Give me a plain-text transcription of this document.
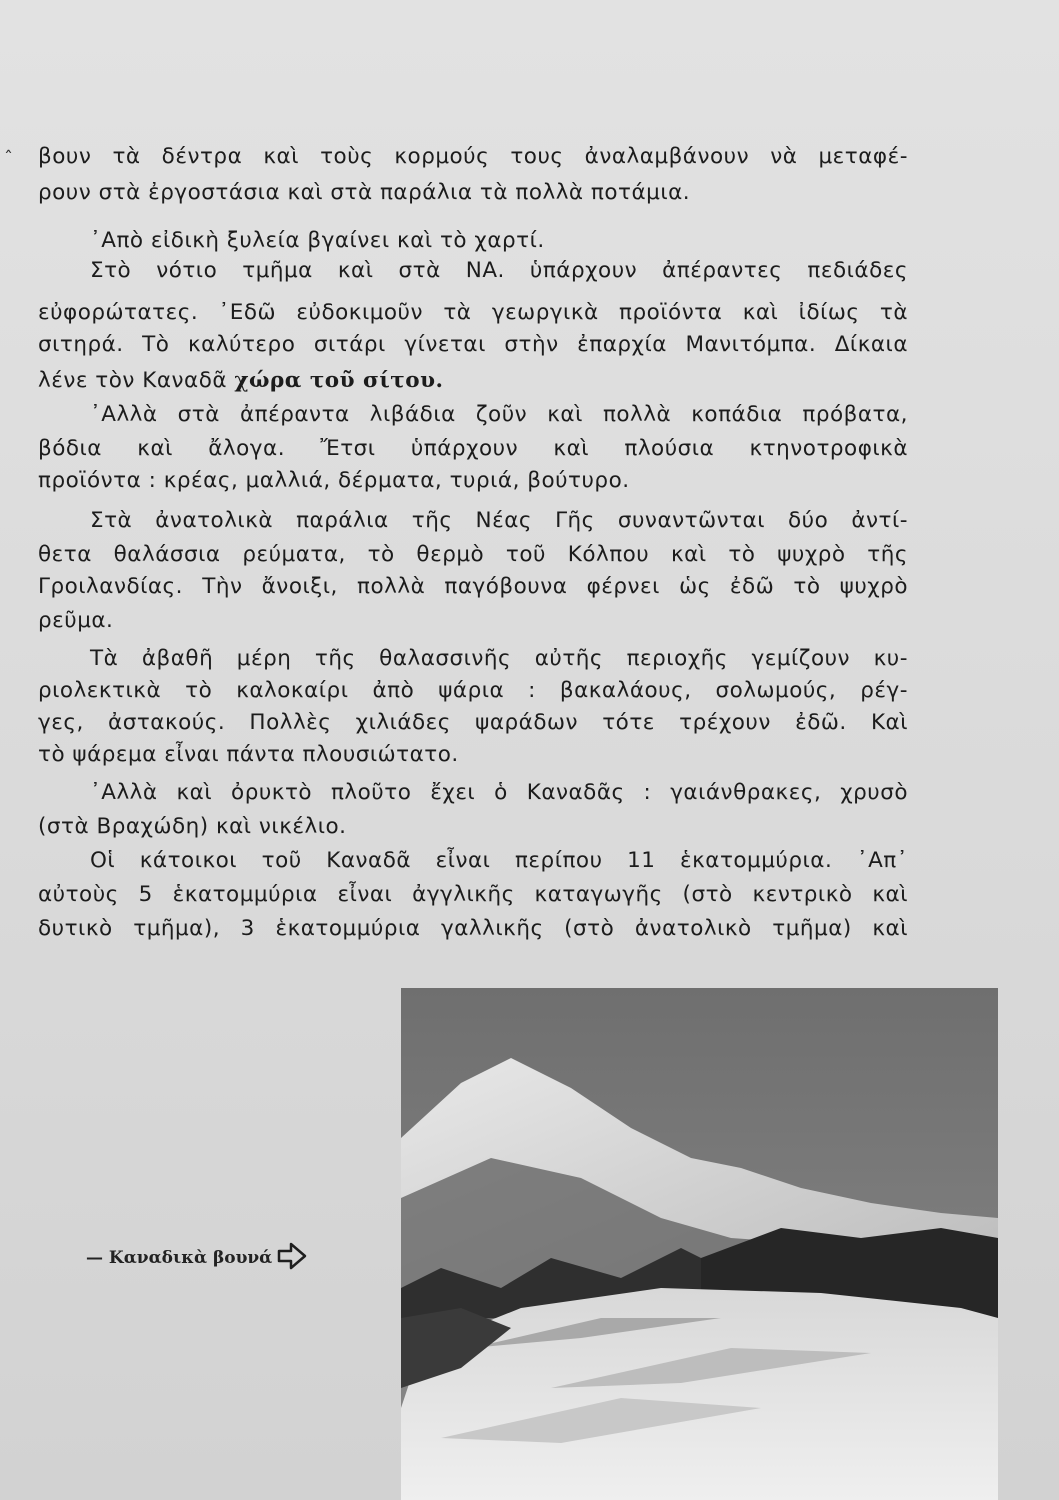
ˆ βουν τὰ δέντρα καὶ τοὺς κορμούς τους ἀναλαμβάνουν νὰ μεταφέ-
ρουν στὰ ἐργοστάσια καὶ στὰ παράλια τὰ πολλὰ ποτάμια.
᾿Απὸ εἰδικὴ ξυλεία βγαίνει καὶ τὸ χαρτί.
Στὸ νότιο τμῆμα καὶ στὰ ΝΑ. ὑπάρχουν ἀπέραντες πεδιάδες
εὐφορώτατες. ᾿Εδῶ εὐδοκιμοῦν τὰ γεωργικὰ προϊόντα καὶ ἰδίως τὰ
σιτηρά. Τὸ καλύτερο σιτάρι γίνεται στὴν ἐπαρχία Μανιτόμπα. Δίκαια
λένε τὸν Καναδᾶ χώρα τοῦ σίτου.
᾿Αλλὰ στὰ ἀπέραντα λιβάδια ζοῦν καὶ πολλὰ κοπάδια πρόβατα,
βόδια καὶ ἄλογα. Ἔτσι ὑπάρχουν καὶ πλούσια κτηνοτροφικὰ
προϊόντα : κρέας, μαλλιά, δέρματα, τυριά, βούτυρο.
Στὰ ἀνατολικὰ παράλια τῆς Νέας Γῆς συναντῶνται δύο ἀντί-
θετα θαλάσσια ρεύματα, τὸ θερμὸ τοῦ Κόλπου καὶ τὸ ψυχρὸ τῆς
Γροιλανδίας. Τὴν ἄνοιξι, πολλὰ παγόβουνα φέρνει ὡς ἐδῶ τὸ ψυχρὸ
ρεῦμα.
Τὰ ἀβαθῆ μέρη τῆς θαλασσινῆς αὐτῆς περιοχῆς γεμίζουν κυ-
ριολεκτικὰ τὸ καλοκαίρι ἀπὸ ψάρια : βακαλάους, σολωμούς, ρέγ-
γες, ἀστακούς. Πολλὲς χιλιάδες ψαράδων τότε τρέχουν ἐδῶ. Καὶ
τὸ ψάρεμα εἶναι πάντα πλουσιώτατο.
᾿Αλλὰ καὶ ὀρυκτὸ πλοῦτο ἔχει ὁ Καναδᾶς : γαιάνθρακες, χρυσὸ
(στὰ Βραχώδη) καὶ νικέλιο.
Οἱ κάτοικοι τοῦ Καναδᾶ εἶναι περίπου 11 ἑκατομμύρια. ᾿Απ᾿
αὐτοὺς 5 ἑκατομμύρια εἶναι ἀγγλικῆς καταγωγῆς (στὸ κεντρικὸ καὶ
δυτικὸ τμῆμα), 3 ἑκατομμύρια γαλλικῆς (στὸ ἀνατολικὸ τμῆμα) καὶ
— Καναδικὰ βουνά
